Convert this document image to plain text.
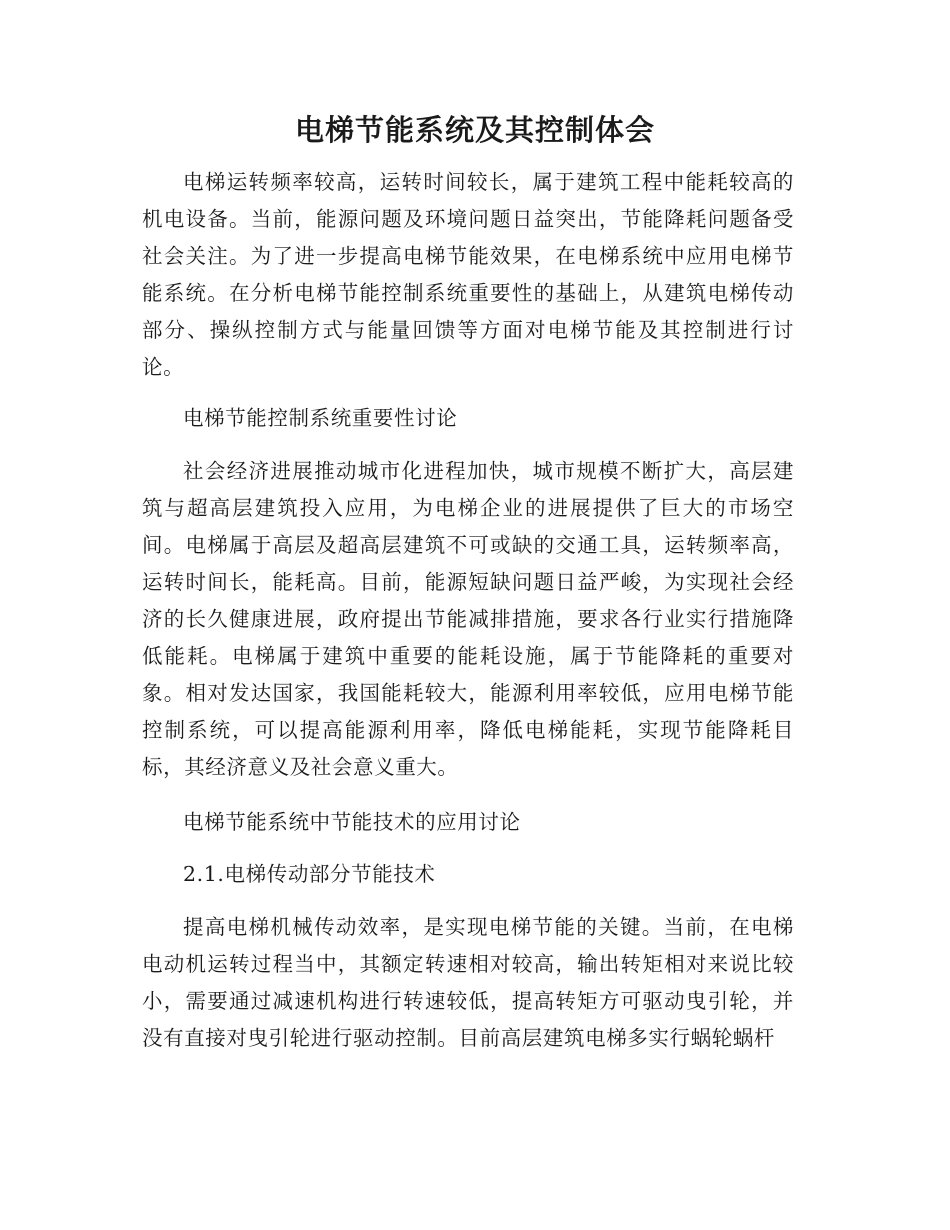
电梯节能系统及其控制体会

电梯运转频率较高，运转时间较长，属于建筑工程中能耗较高的机电设备。当前，能源问题及环境问题日益突出，节能降耗问题备受社会关注。为了进一步提高电梯节能效果，在电梯系统中应用电梯节能系统。在分析电梯节能控制系统重要性的基础上，从建筑电梯传动部分、操纵控制方式与能量回馈等方面对电梯节能及其控制进行讨论。

电梯节能控制系统重要性讨论

社会经济进展推动城市化进程加快，城市规模不断扩大，高层建筑与超高层建筑投入应用，为电梯企业的进展提供了巨大的市场空间。电梯属于高层及超高层建筑不可或缺的交通工具，运转频率高，运转时间长，能耗高。目前，能源短缺问题日益严峻，为实现社会经济的长久健康进展，政府提出节能减排措施，要求各行业实行措施降低能耗。电梯属于建筑中重要的能耗设施，属于节能降耗的重要对象。相对发达国家，我国能耗较大，能源利用率较低，应用电梯节能控制系统，可以提高能源利用率，降低电梯能耗，实现节能降耗目标，其经济意义及社会意义重大。

电梯节能系统中节能技术的应用讨论

2.1.电梯传动部分节能技术

提高电梯机械传动效率，是实现电梯节能的关键。当前，在电梯电动机运转过程当中，其额定转速相对较高，输出转矩相对来说比较小，需要通过减速机构进行转速较低，提高转矩方可驱动曳引轮，并没有直接对曳引轮进行驱动控制。目前高层建筑电梯多实行蜗轮蜗杆
